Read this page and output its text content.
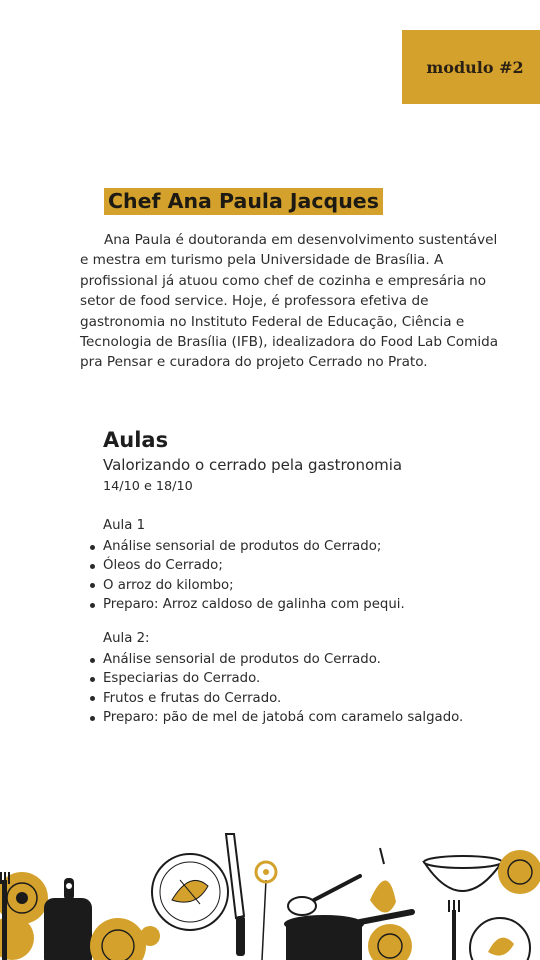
modulo #2
Chef Ana Paula Jacques

Ana Paula é doutoranda em desenvolvimento sustentável e mestra em turismo pela Universidade de Brasília. A profissional já atuou como chef de cozinha e empresária no setor de food service. Hoje, é professora efetiva de gastronomia no Instituto Federal de Educação, Ciência e Tecnologia de Brasília (IFB), idealizadora do Food Lab Comida pra Pensar e curadora do projeto Cerrado no Prato.

Aulas
Valorizando o cerrado pela gastronomia
14/10 e 18/10
Aula 1
Análise sensorial de produtos do Cerrado;
Óleos do Cerrado;
O arroz do kilombo;
Preparo: Arroz caldoso de galinha com pequi.
Aula 2:
Análise sensorial de produtos do Cerrado.
Especiarias do Cerrado.
Frutos e frutas do Cerrado.
Preparo: pão de mel de jatobá com caramelo salgado.
